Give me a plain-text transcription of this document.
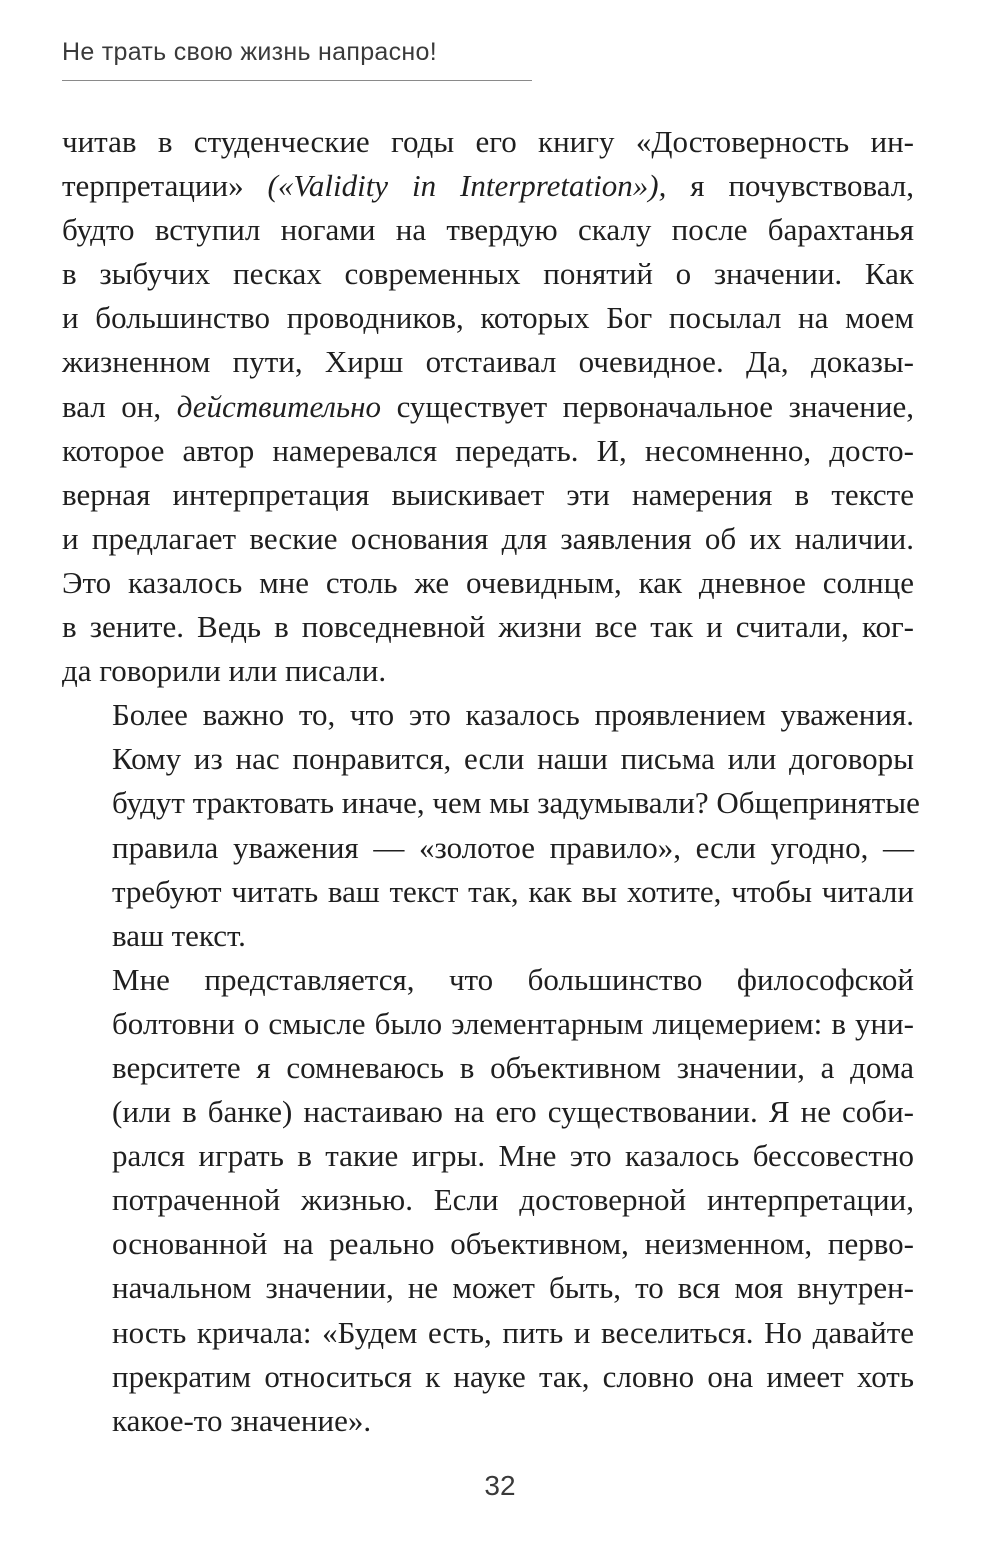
Не трать свою жизнь напрасно!
читав в студенческие годы его книгу «Достоверность ин-
терпретации» («Validity in Interpretation»), я почувствовал,
будто вступил ногами на твердую скалу после барахтанья
в зыбучих песках современных понятий о значении. Как
и большинство проводников, которых Бог посылал на моем
жизненном пути, Хирш отстаивал очевидное. Да, доказы-
вал он, действительно существует первоначальное значение,
которое автор намеревался передать. И, несомненно, досто-
верная интерпретация выискивает эти намерения в тексте
и предлагает веские основания для заявления об их наличии.
Это казалось мне столь же очевидным, как дневное солнце
в зените. Ведь в повседневной жизни все так и считали, ког-
да говорили или писали.
Более важно то, что это казалось проявлением уважения.
Кому из нас понравится, если наши письма или договоры
будут трактовать иначе, чем мы задумывали? Общепринятые
правила уважения — «золотое правило», если угодно, —
требуют читать ваш текст так, как вы хотите, чтобы читали
ваш текст.
Мне представляется, что большинство философской
болтовни о смысле было элементарным лицемерием: в уни-
верситете я сомневаюсь в объективном значении, а дома
(или в банке) настаиваю на его существовании. Я не соби-
рался играть в такие игры. Мне это казалось бессовестно
потраченной жизнью. Если достоверной интерпретации,
основанной на реально объективном, неизменном, перво-
начальном значении, не может быть, то вся моя внутрен-
ность кричала: «Будем есть, пить и веселиться. Но давайте
прекратим относиться к науке так, словно она имеет хоть
какое-то значение».
32
